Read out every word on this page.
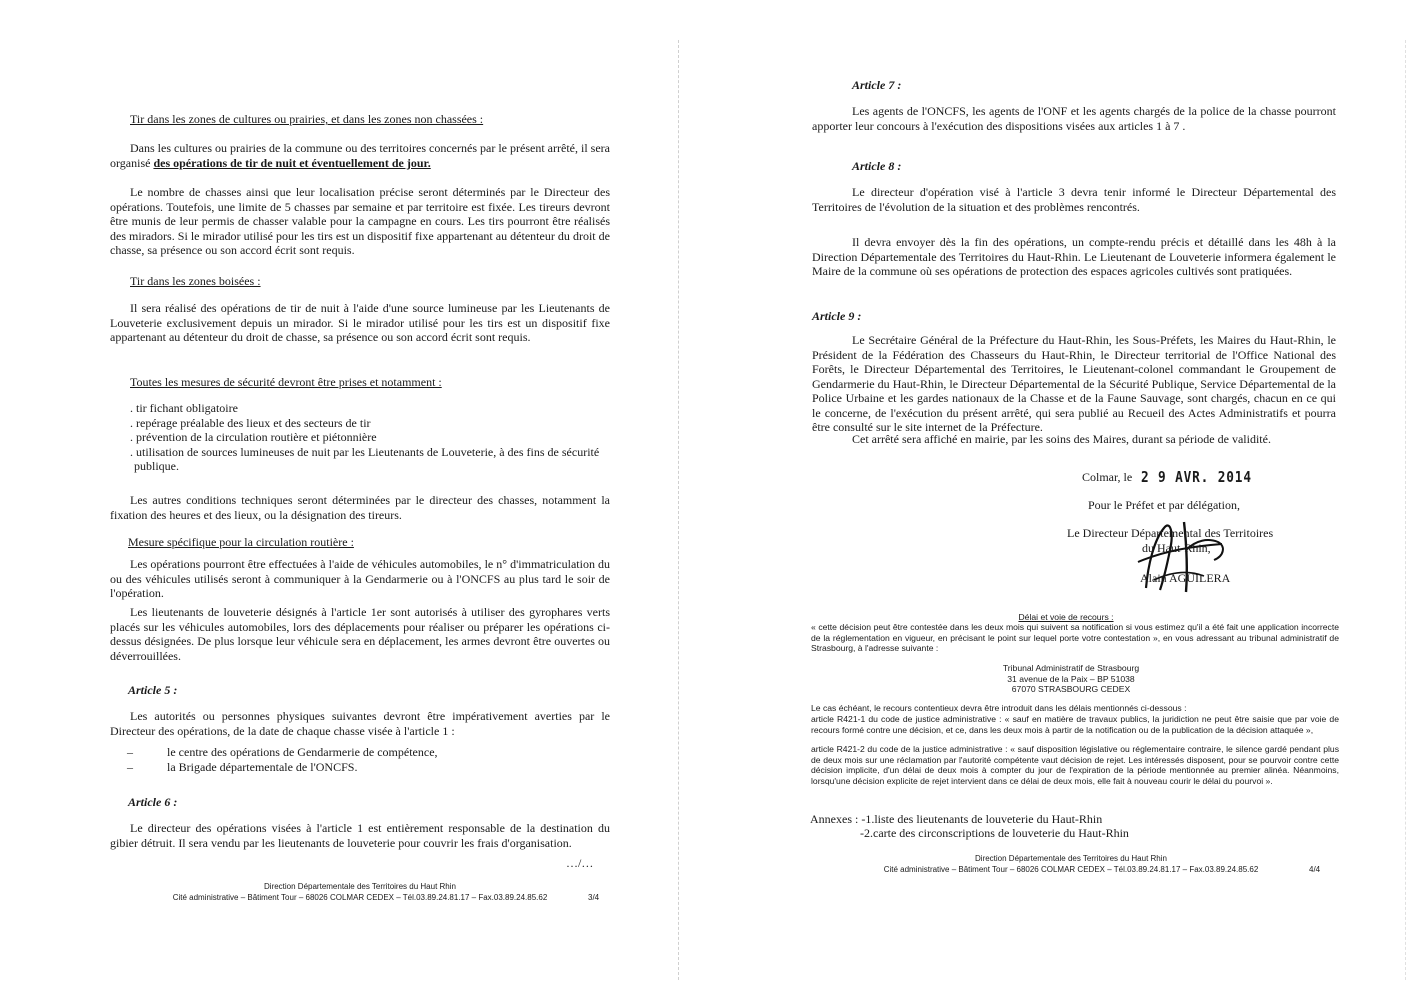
Tir dans les zones de cultures ou prairies, et dans les zones non chassées :

Dans les cultures ou prairies de la commune ou des territoires concernés par le présent arrêté, il sera organisé des opérations de tir de nuit et éventuellement de jour.

Le nombre de chasses ainsi que leur localisation précise seront déterminés par le Directeur des opérations. Toutefois, une limite de 5 chasses par semaine et par territoire est fixée. Les tireurs devront être munis de leur permis de chasser valable pour la campagne en cours. Les tirs pourront être réalisés des miradors. Si le mirador utilisé pour les tirs est un dispositif fixe appartenant au détenteur du droit de chasse, sa présence ou son accord écrit sont requis.

Tir dans les zones boisées :

Il sera réalisé des opérations de tir de nuit à l'aide d'une source lumineuse par les Lieutenants de Louveterie exclusivement depuis un mirador. Si le mirador utilisé pour les tirs est un dispositif fixe appartenant au détenteur du droit de chasse, sa présence ou son accord écrit sont requis.

Toutes les mesures de sécurité devront être prises et notamment :

. tir fichant obligatoire
. repérage préalable des lieux et des secteurs de tir
. prévention de la circulation routière et piétonnière
. utilisation de sources lumineuses de nuit par les Lieutenants de Louveterie, à des fins de sécurité publique.

Les autres conditions techniques seront déterminées par le directeur des chasses, notamment la fixation des heures et des lieux, ou la désignation des tireurs.

Mesure spécifique pour la circulation routière :

Les opérations pourront être effectuées à l'aide de véhicules automobiles, le n° d'immatriculation du ou des véhicules utilisés seront à communiquer à la Gendarmerie ou à l'ONCFS au plus tard le soir de l'opération.

Les lieutenants de louveterie désignés à l'article 1er sont autorisés à utiliser des gyrophares verts placés sur les véhicules automobiles, lors des déplacements pour réaliser ou préparer les opérations ci-dessus désignées. De plus lorsque leur véhicule sera en déplacement, les armes devront être ouvertes ou déverrouillées.

Article 5 :

Les autorités ou personnes physiques suivantes devront être impérativement averties par le Directeur des opérations, de la date de chaque chasse visée à l'article 1 :

–	le centre des opérations de Gendarmerie de compétence,
–	la Brigade départementale de l'ONCFS.

Article 6 :

Le directeur des opérations visées à l'article 1 est entièrement responsable de la destination du gibier détruit. Il sera vendu par les lieutenants de louveterie pour couvrir les frais d'organisation.

…/…

Direction Départementale des Territoires du Haut Rhin
Cité administrative – Bâtiment Tour – 68026 COLMAR CEDEX – Tél.03.89.24.81.17 – Fax.03.89.24.85.62	3/4

Article 7 :

Les agents de l'ONCFS, les agents de l'ONF et les agents chargés de la police de la chasse pourront apporter leur concours à l'exécution des dispositions visées aux articles 1 à 7 .

Article 8 :

Le directeur d'opération visé à l'article 3 devra tenir informé le Directeur Départemental des Territoires de l'évolution de la situation et des problèmes rencontrés.

Il devra envoyer dès la fin des opérations, un compte-rendu précis et détaillé dans les 48h à la Direction Départementale des Territoires du Haut-Rhin. Le Lieutenant de Louveterie informera également le Maire de la commune où ses opérations de protection des espaces agricoles cultivés sont pratiquées.

Article 9 :

Le Secrétaire Général de la Préfecture du Haut-Rhin, les Sous-Préfets, les Maires du Haut-Rhin, le Président de la Fédération des Chasseurs du Haut-Rhin, le Directeur territorial de l'Office National des Forêts, le Directeur Départemental des Territoires, le Lieutenant-colonel commandant le Groupement de Gendarmerie du Haut-Rhin, le Directeur Départemental de la Sécurité Publique, Service Départemental de la Police Urbaine et les gardes nationaux de la Chasse et de la Faune Sauvage, sont chargés, chacun en ce qui le concerne, de l'exécution du présent arrêté, qui sera publié au Recueil des Actes Administratifs et pourra être consulté sur le site internet de la Préfecture.

Cet arrêté sera affiché en mairie, par les soins des Maires, durant sa période de validité.

Colmar, le 2 9 AVR. 2014

Pour le Préfet et par délégation,

Le Directeur Départemental des Territoires

du Haut-Rhin,

Alain AGUILERA

Délai et voie de recours :

« cette décision peut être contestée dans les deux mois qui suivent sa notification si vous estimez qu'il a été fait une application incorrecte de la réglementation en vigueur, en précisant le point sur lequel porte votre contestation », en vous adressant au tribunal administratif de Strasbourg, à l'adresse suivante :

Tribunal Administratif de Strasbourg
31 avenue de la Paix – BP 51038
67070 STRASBOURG CEDEX

Le cas échéant, le recours contentieux devra être introduit dans les délais mentionnés ci-dessous :

article R421-1 du code de justice administrative : « sauf en matière de travaux publics, la juridiction ne peut être saisie que par voie de recours formé contre une décision, et ce, dans les deux mois à partir de la notification ou de la publication de la décision attaquée »,

article R421-2 du code de la justice administrative : « sauf disposition législative ou réglementaire contraire, le silence gardé pendant plus de deux mois sur une réclamation par l'autorité compétente vaut décision de rejet. Les intéressés disposent, pour se pourvoir contre cette décision implicite, d'un délai de deux mois à compter du jour de l'expiration de la période mentionnée au premier alinéa. Néanmoins, lorsqu'une décision explicite de rejet intervient dans ce délai de deux mois, elle fait à nouveau courir le délai du pourvoi ».

Annexes : -1.liste des lieutenants de louveterie du Haut-Rhin

-2.carte des circonscriptions de louveterie du Haut-Rhin

Direction Départementale des Territoires du Haut Rhin
Cité administrative – Bâtiment Tour – 68026 COLMAR CEDEX – Tél.03.89.24.81.17 – Fax.03.89.24.85.62	4/4
